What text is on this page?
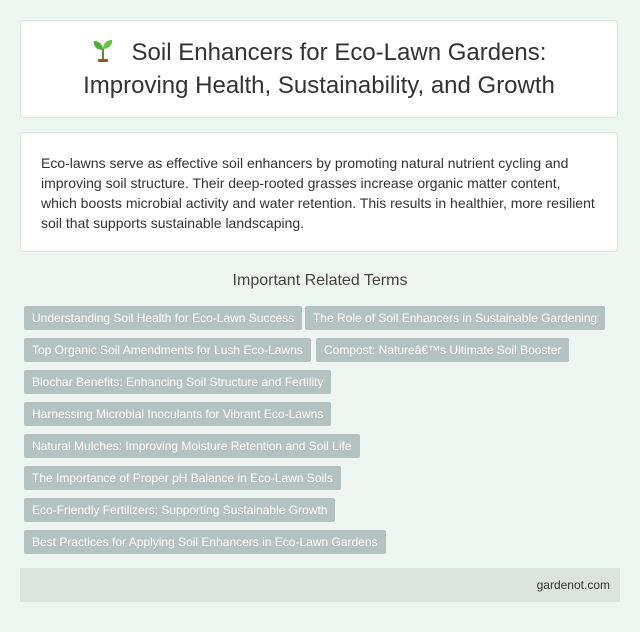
Soil Enhancers for Eco-Lawn Gardens:
Improving Health, Sustainability, and Growth

Eco-lawns serve as effective soil enhancers by promoting natural nutrient cycling and improving soil structure. Their deep-rooted grasses increase organic matter content, which boosts microbial activity and water retention. This results in healthier, more resilient soil that supports sustainable landscaping.

Important Related Terms
Understanding Soil Health for Eco-Lawn Success	The Role of Soil Enhancers in Sustainable Gardening
Top Organic Soil Amendments for Lush Eco-Lawns	Compost: Natureâ€™s Ultimate Soil Booster
Biochar Benefits: Enhancing Soil Structure and Fertility
Harnessing Microbial Inoculants for Vibrant Eco-Lawns
Natural Mulches: Improving Moisture Retention and Soil Life
The Importance of Proper pH Balance in Eco-Lawn Soils
Eco-Friendly Fertilizers: Supporting Sustainable Growth
Best Practices for Applying Soil Enhancers in Eco-Lawn Gardens
gardenot.com
